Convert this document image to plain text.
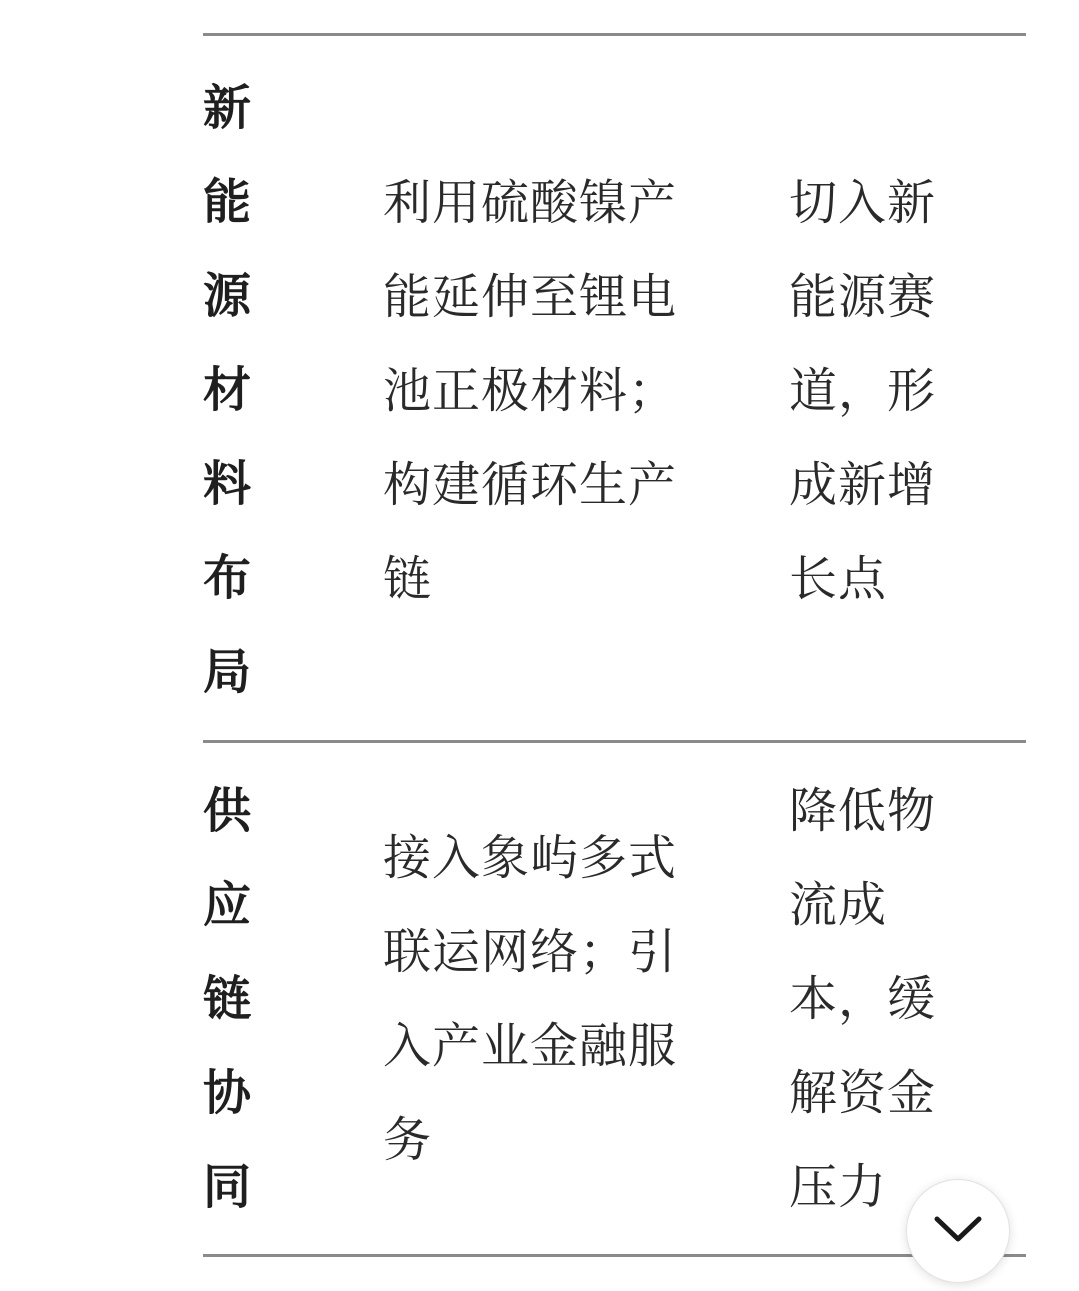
新能源材料布局
利用硫酸镍产能延伸至锂电池正极材料；构建循环生产链
切入新能源赛道，形成新增长点
供应链协同
接入象屿多式联运网络；引入产业金融服务
降低物流成本，缓解资金压力
